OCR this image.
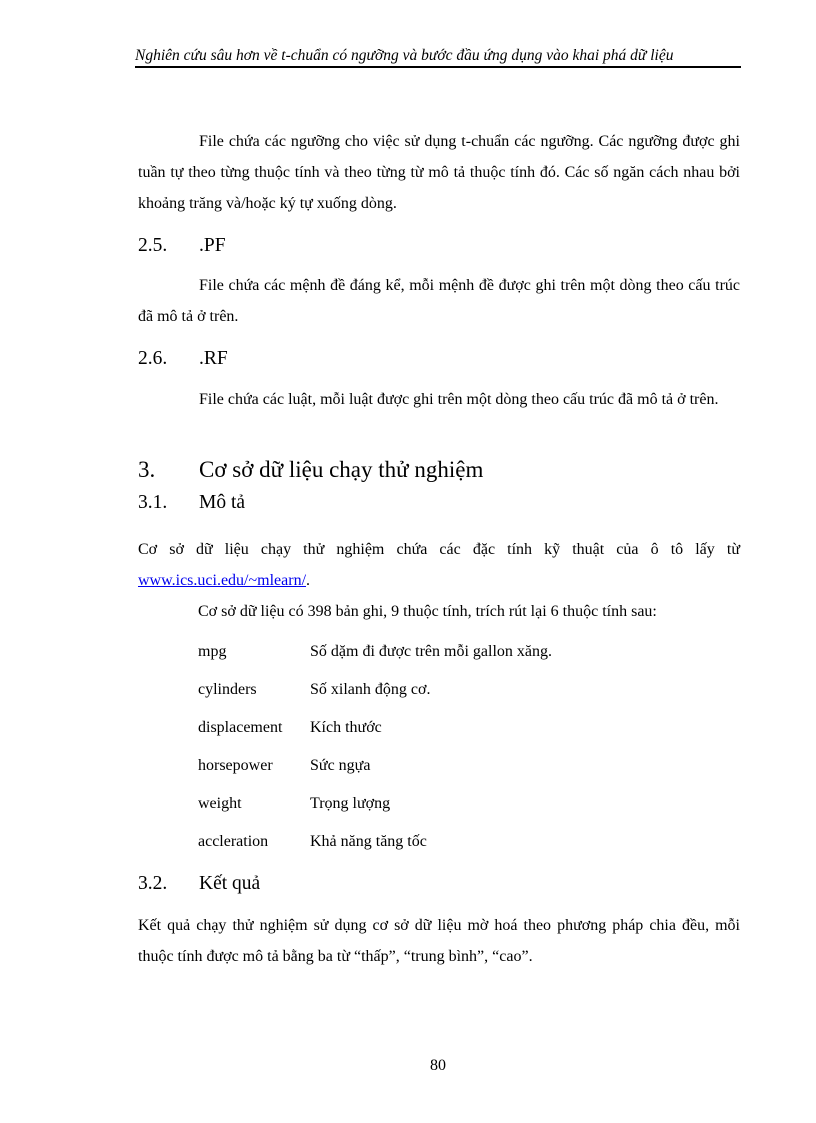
Nghiên cứu sâu hơn về t-chuẩn có ngưỡng và bước đầu ứng dụng vào khai phá dữ liệu
File chứa các ngưỡng cho việc sử dụng t-chuẩn các ngưỡng. Các ngưỡng được ghi tuần tự theo từng thuộc tính và theo từng từ mô tả thuộc tính đó. Các số ngăn cách nhau bởi khoảng trăng và/hoặc ký tự xuống dòng.
2.5. .PF
File chứa các mệnh đề đáng kể, mỗi mệnh đề được ghi trên một dòng theo cấu trúc đã mô tả ở trên.
2.6. .RF
File chứa các luật, mỗi luật được ghi trên một dòng theo cấu trúc đã mô tả ở trên.
3. Cơ sở dữ liệu chạy thử nghiệm
3.1. Mô tả
Cơ sở dữ liệu chạy thử nghiệm chứa các đặc tính kỹ thuật của ô tô lấy từ www.ics.uci.edu/~mlearn/.
Cơ sở dữ liệu có 398 bản ghi, 9 thuộc tính, trích rút lại 6 thuộc tính sau:
mpg	Số dặm đi được trên mỗi gallon xăng.
cylinders	Số xilanh động cơ.
displacement Kích thước
horsepower Sức ngựa
weight	Trọng lượng
accleration	Khả năng tăng tốc
3.2. Kết quả
Kết quả chạy thử nghiệm sử dụng cơ sở dữ liệu mờ hoá theo phương pháp chia đều, mỗi thuộc tính được mô tả bằng ba từ “thấp”, “trung bình”, “cao”.
80
